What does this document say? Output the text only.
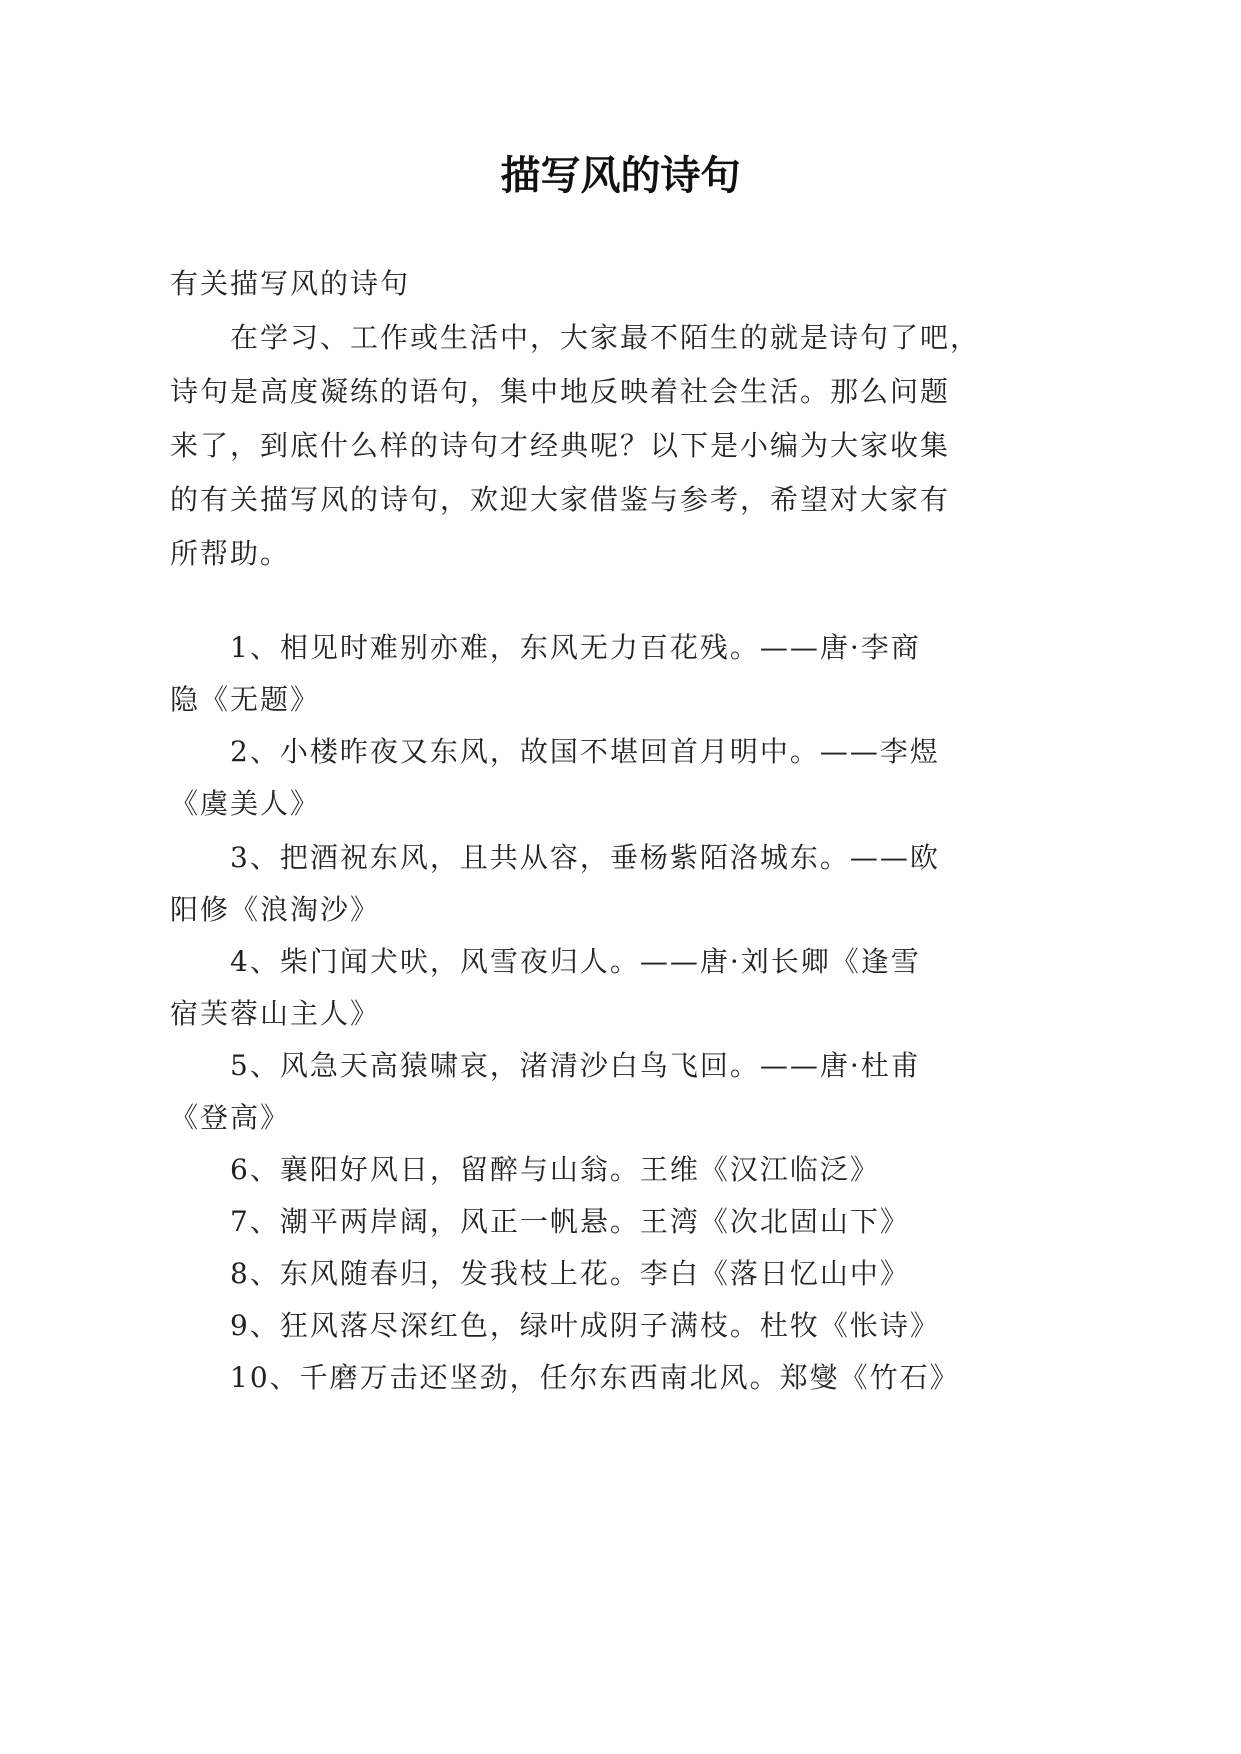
描写风的诗句
有关描写风的诗句
在学习、工作或生活中，大家最不陌生的就是诗句了吧，
诗句是高度凝练的语句，集中地反映着社会生活。那么问题
来了，到底什么样的诗句才经典呢？以下是小编为大家收集
的有关描写风的诗句，欢迎大家借鉴与参考，希望对大家有
所帮助。
1、相见时难别亦难，东风无力百花残。——唐·李商
隐《无题》
2、小楼昨夜又东风，故国不堪回首月明中。——李煜
《虞美人》
3、把酒祝东风，且共从容，垂杨紫陌洛城东。——欧
阳修《浪淘沙》
4、柴门闻犬吠，风雪夜归人。——唐·刘长卿《逢雪
宿芙蓉山主人》
5、风急天高猿啸哀，渚清沙白鸟飞回。——唐·杜甫
《登高》
6、襄阳好风日，留醉与山翁。王维《汉江临泛》
7、潮平两岸阔，风正一帆悬。王湾《次北固山下》
8、东风随春归，发我枝上花。李白《落日忆山中》
9、狂风落尽深红色，绿叶成阴子满枝。杜牧《怅诗》
10、千磨万击还坚劲，任尔东西南北风。郑燮《竹石》
